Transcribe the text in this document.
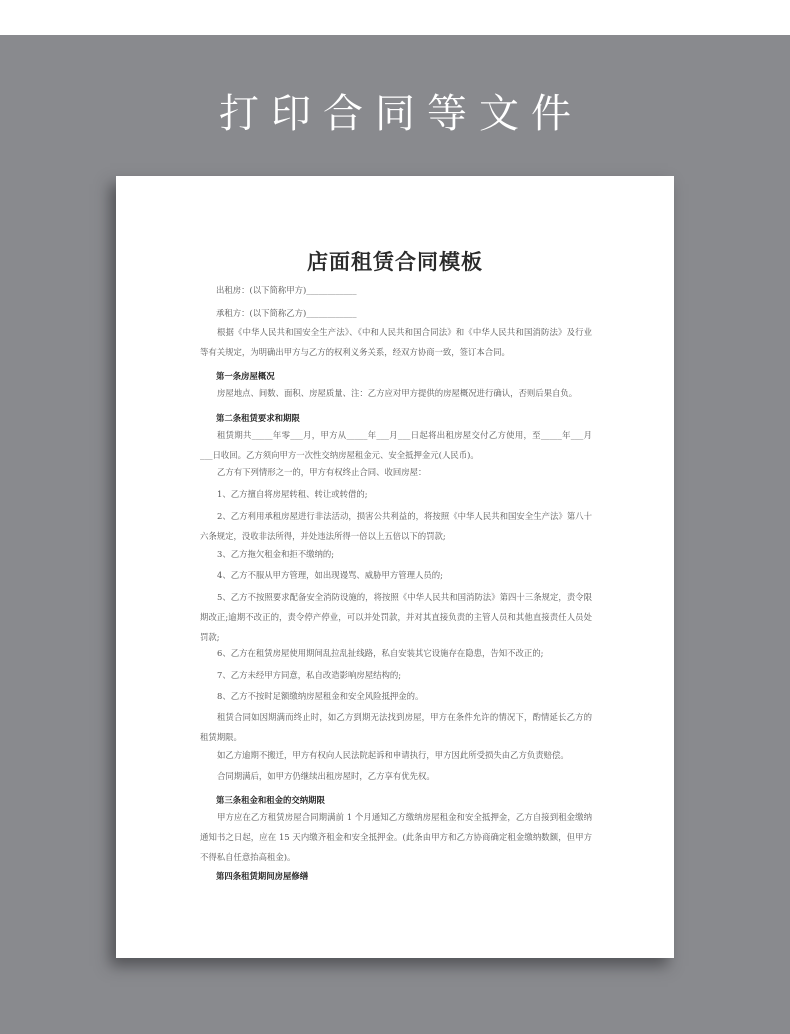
打印合同等文件
店面租赁合同模板
出租房：(以下简称甲方)____________
承租方：(以下简称乙方)____________
根据《中华人民共和国安全生产法》、《中和人民共和国合同法》和《中华人民共和国消防法》及行业等有关规定，为明确出甲方与乙方的权利义务关系，经双方协商一致，签订本合同。
第一条房屋概况
房屋地点、间数、面积、房屋质量、注：乙方应对甲方提供的房屋概况进行确认，否则后果自负。
第二条租赁要求和期限
租赁期共_____年零___月，甲方从_____年___月___日起将出租房屋交付乙方使用，至_____年___月___日收回。乙方须向甲方一次性交纳房屋租金元、安全抵押金元(人民币)。
乙方有下列情形之一的，甲方有权终止合同、收回房屋：
1、乙方擅自将房屋转租、转让或转借的;
2、乙方利用承租房屋进行非法活动，损害公共利益的，将按照《中华人民共和国安全生产法》第八十六条规定，没收非法所得，并处违法所得一倍以上五倍以下的罚款;
3、乙方拖欠租金和拒不缴纳的;
4、乙方不服从甲方管理，如出现谩骂、威胁甲方管理人员的;
5、乙方不按照要求配备安全消防设施的，将按照《中华人民共和国消防法》第四十三条规定，责令限期改正;逾期不改正的，责令停产停业，可以并处罚款，并对其直接负责的主管人员和其他直接责任人员处罚款;
6、乙方在租赁房屋使用期间乱拉乱扯线路，私自安装其它设施存在隐患，告知不改正的;
7、乙方未经甲方同意，私自改造影响房屋结构的;
8、乙方不按时足额缴纳房屋租金和安全风险抵押金的。
租赁合同如因期满而终止时，如乙方到期无法找到房屋，甲方在条件允许的情况下，酌情延长乙方的租赁期限。
如乙方逾期不搬迁，甲方有权向人民法院起诉和申请执行，甲方因此所受损失由乙方负责赔偿。
合同期满后，如甲方仍继续出租房屋时，乙方享有优先权。
第三条租金和租金的交纳期限
甲方应在乙方租赁房屋合同期满前 1 个月通知乙方缴纳房屋租金和安全抵押金，乙方自接到租金缴纳通知书之日起，应在 15 天内缴齐租金和安全抵押金。(此条由甲方和乙方协商确定租金缴纳数额，但甲方不得私自任意抬高租金)。
第四条租赁期间房屋修缮
